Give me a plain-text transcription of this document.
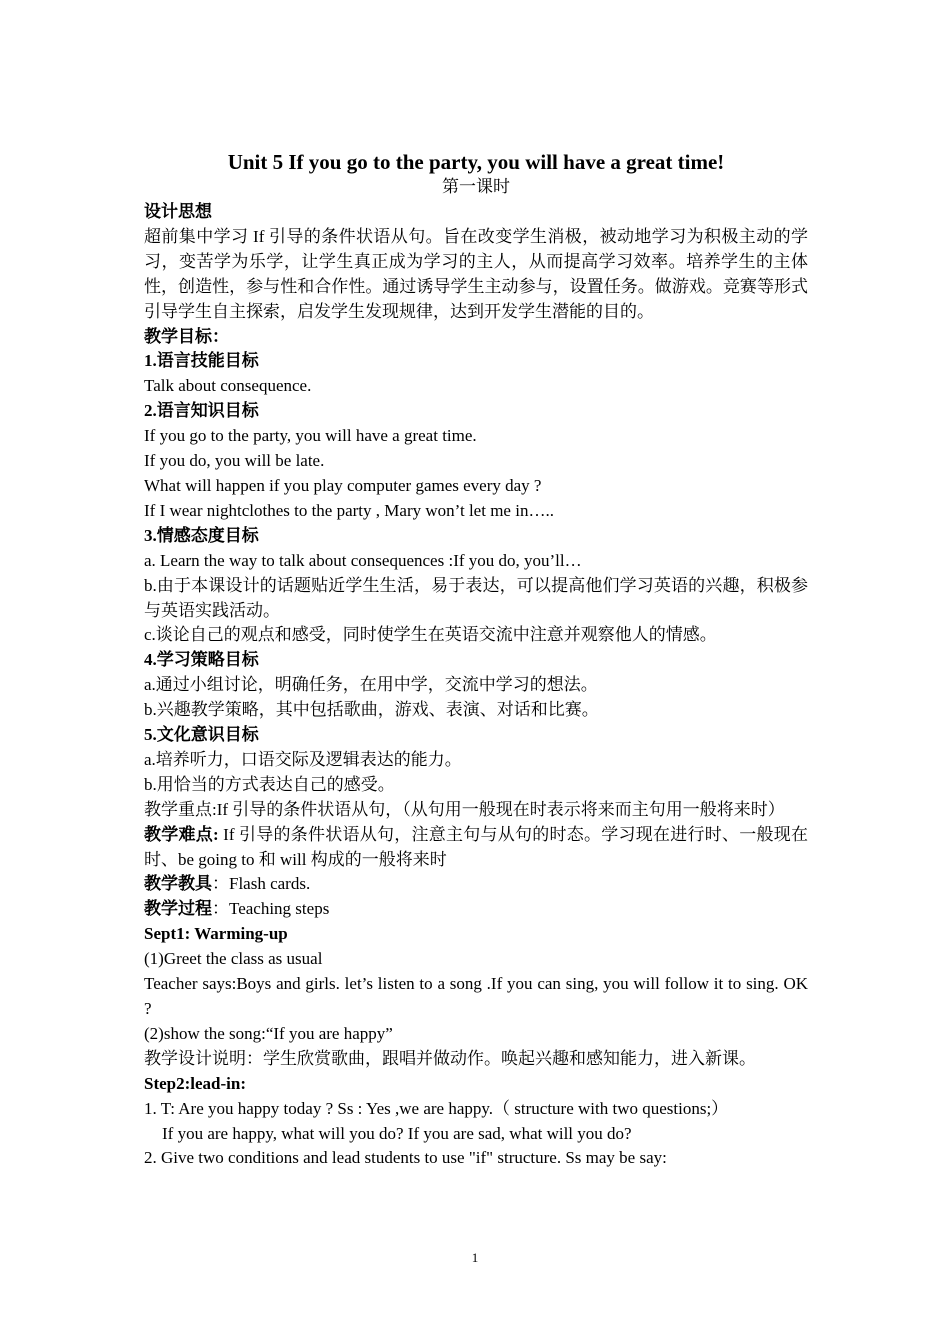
Unit 5 If you go to the party, you will have a great time!

第一课时

设计思想

超前集中学习 If 引导的条件状语从句。旨在改变学生消极，被动地学习为积极主动的学习，变苦学为乐学，让学生真正成为学习的主人，从而提高学习效率。培养学生的主体性，创造性，参与性和合作性。通过诱导学生主动参与，设置任务。做游戏。竞赛等形式引导学生自主探索，启发学生发现规律，达到开发学生潜能的目的。

教学目标：

1.语言技能目标

Talk about consequence.

2.语言知识目标

If you go to the party, you will have a great time.

If you do, you will be late.

What will happen if you play computer games every day ?

If I wear nightclothes to the party , Mary won’t let me in…..

3.情感态度目标

a. Learn the way to talk about consequences :If you do, you’ll…

b.由于本课设计的话题贴近学生生活，易于表达，可以提高他们学习英语的兴趣，积极参与英语实践活动。

c.谈论自己的观点和感受，同时使学生在英语交流中注意并观察他人的情感。

4.学习策略目标

a.通过小组讨论，明确任务，在用中学，交流中学习的想法。

b.兴趣教学策略，其中包括歌曲，游戏、表演、对话和比赛。

5.文化意识目标

a.培养听力，口语交际及逻辑表达的能力。

b.用恰当的方式表达自己的感受。

教学重点:If 引导的条件状语从句，（从句用一般现在时表示将来而主句用一般将来时）

教学难点: If 引导的条件状语从句，注意主句与从句的时态。学习现在进行时、一般现在时、be going to 和 will 构成的一般将来时

教学教具：Flash cards.

教学过程：Teaching steps

Sept1: Warming-up

(1)Greet the class as usual

Teacher says:Boys and girls. let’s listen to a song .If you can sing, you will follow it to sing. OK ?

(2)show the song:“If you are happy”

教学设计说明：学生欣赏歌曲，跟唱并做动作。唤起兴趣和感知能力，进入新课。

Step2:lead-in:

1. T: Are you happy today ? Ss : Yes ,we are happy.（ structure with two questions;）

If you are happy, what will you do? If you are sad, what will you do?

2. Give two conditions and lead students to use "if" structure. Ss may be say:

1
